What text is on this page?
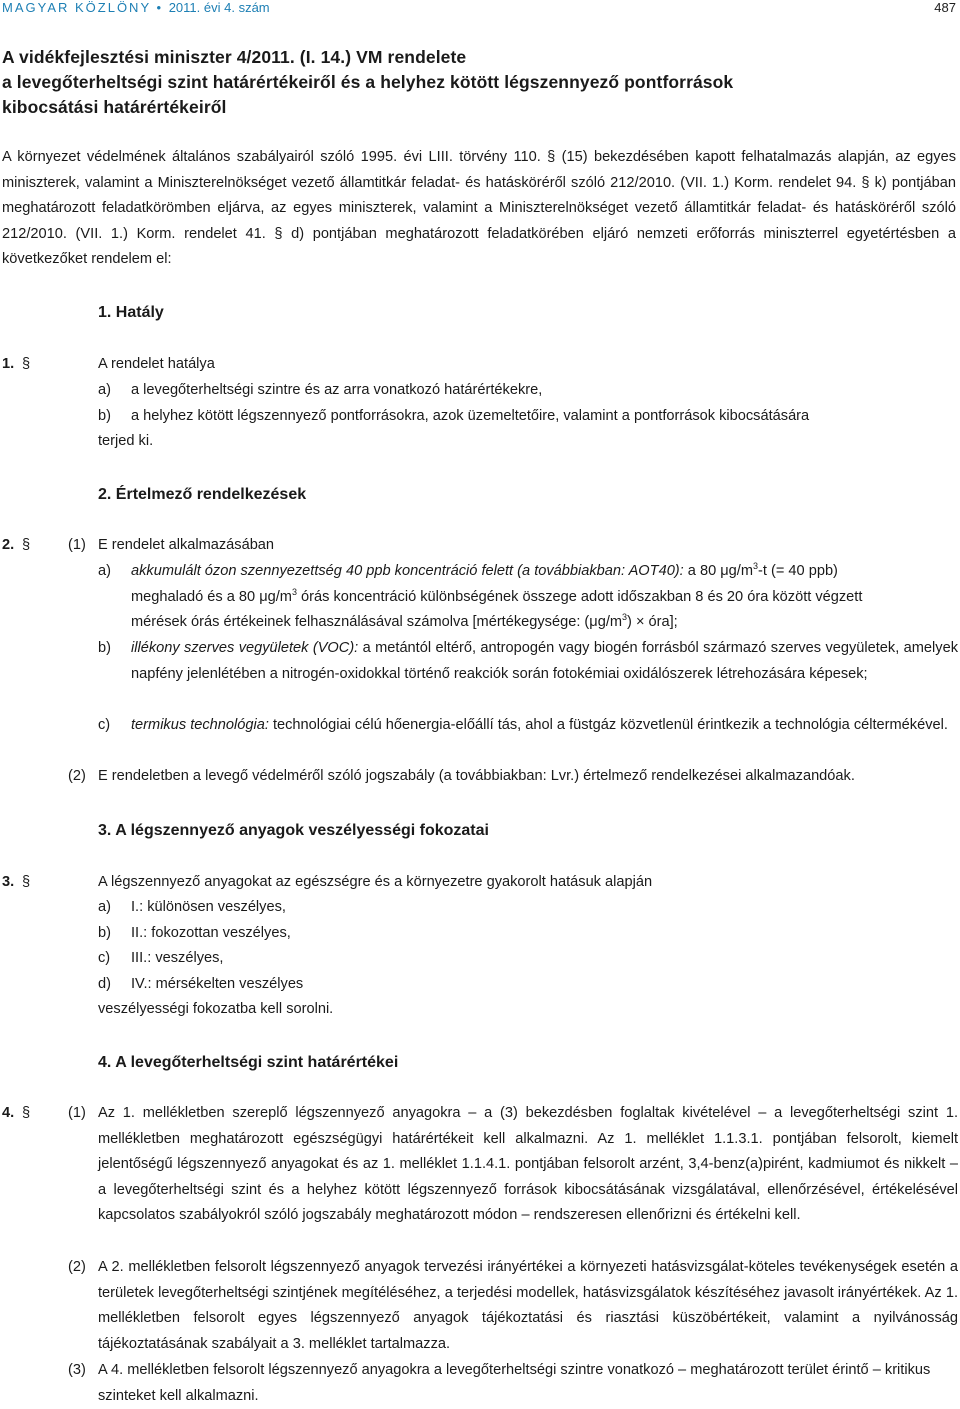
MAGYAR KÖZLÖNY • 2011. évi 4. szám	487
A vidékfejlesztési miniszter 4/2011. (I. 14.) VM rendelete
a levegőterheltségi szint határértékeiről és a helyhez kötött légszennyező pontforrások
kibocsátási határértékeiről
A környezet védelmének általános szabályairól szóló 1995. évi LIII. törvény 110. § (15) bekezdésében kapott felhatalmazás alapján, az egyes miniszterek, valamint a Miniszterelnökséget vezető államtitkár feladat- és hatásköréről szóló 212/2010. (VII. 1.) Korm. rendelet 94. § k) pontjában meghatározott feladatkörömben eljárva, az egyes miniszterek, valamint a Miniszterelnökséget vezető államtitkár feladat- és hatásköréről szóló 212/2010. (VII. 1.) Korm. rendelet 41. § d) pontjában meghatározott feladatkörében eljáró nemzeti erőforrás miniszterrel egyetértésben a következőket rendelem el:
1. Hatály
1. §	A rendelet hatálya
a) a levegőterheltségi szintre és az arra vonatkozó határértékekre,
b) a helyhez kötött légszennyező pontforrásokra, azok üzemeltetőire, valamint a pontforrások kibocsátására
terjed ki.
2. Értelmező rendelkezések
2. §	(1) E rendelet alkalmazásában
a) akkumulált ózon szennyezettség 40 ppb koncentráció felett (a továbbiakban: AOT40): a 80 $\mu g/m^3-t$ (= 40 ppb)
meghaladó és a 80 $\mu g/m^3$ órás koncentráció különbségének összege adott időszakban 8 és 20 óra között végzett
mérések órás értékeinek felhasználásával számolva [mértékegysége: $(\mu g/m^3)$ × óra];
b) illékony szerves vegyületek (VOC): a metántól eltérő, antropogén vagy biogén forrásból származó szerves vegyületek, amelyek napfény jelenlétében a nitrogén-oxidokkal történő reakciók során fotokémiai oxidálószerek létrehozására képesek;
c) termikus technológia: technológiai célú hőenergia-előállí tás, ahol a füstgáz közvetlenül érintkezik a technológia céltermékével.
(2) E rendeletben a levegő védelméről szóló jogszabály (a továbbiakban: Lvr.) értelmező rendelkezései alkalmazandóak.
3. A légszennyező anyagok veszélyességi fokozatai
3. §	A légszennyező anyagokat az egészségre és a környezetre gyakorolt hatásuk alapján
a) I.: különösen veszélyes,
b) II.: fokozottan veszélyes,
c) III.: veszélyes,
d) IV.: mérsékelten veszélyes
veszélyességi fokozatba kell sorolni.
4. A levegőterheltségi szint határértékei
4. §	(1) Az 1. mellékletben szereplő légszennyező anyagokra – a (3) bekezdésben foglaltak kivételével – a levegőterheltségi szint 1. mellékletben meghatározott egészségügyi határértékeit kell alkalmazni. Az 1. melléklet 1.1.3.1. pontjában felsorolt, kiemelt jelentőségű légszennyező anyagokat és az 1. melléklet 1.1.4.1. pontjában felsorolt arzént, 3,4-benz(a)pirént, kadmiumot és nikkelt – a levegőterheltségi szint és a helyhez kötött légszennyező források kibocsátásának vizsgálatával, ellenőrzésével, értékelésével kapcsolatos szabályokról szóló jogszabály meghatározott módon – rendszeresen ellenőrizni és értékelni kell.
(2) A 2. mellékletben felsorolt légszennyező anyagok tervezési irányértékei a környezeti hatásvizsgálat-köteles tevékenységek esetén a területek levegőterheltségi szintjének megítéléséhez, a terjedési modellek, hatásvizsgálatok készítéséhez javasolt irányértékek. Az 1. mellékletben felsorolt egyes légszennyező anyagok tájékoztatási és riasztási küszöbértékeit, valamint a nyilvánosság tájékoztatásának szabályait a 3. melléklet tartalmazza.
(3) A 4. mellékletben felsorolt légszennyező anyagokra a levegőterheltségi szintre vonatkozó – meghatározott terület érintő – kritikus szinteket kell alkalmazni.
